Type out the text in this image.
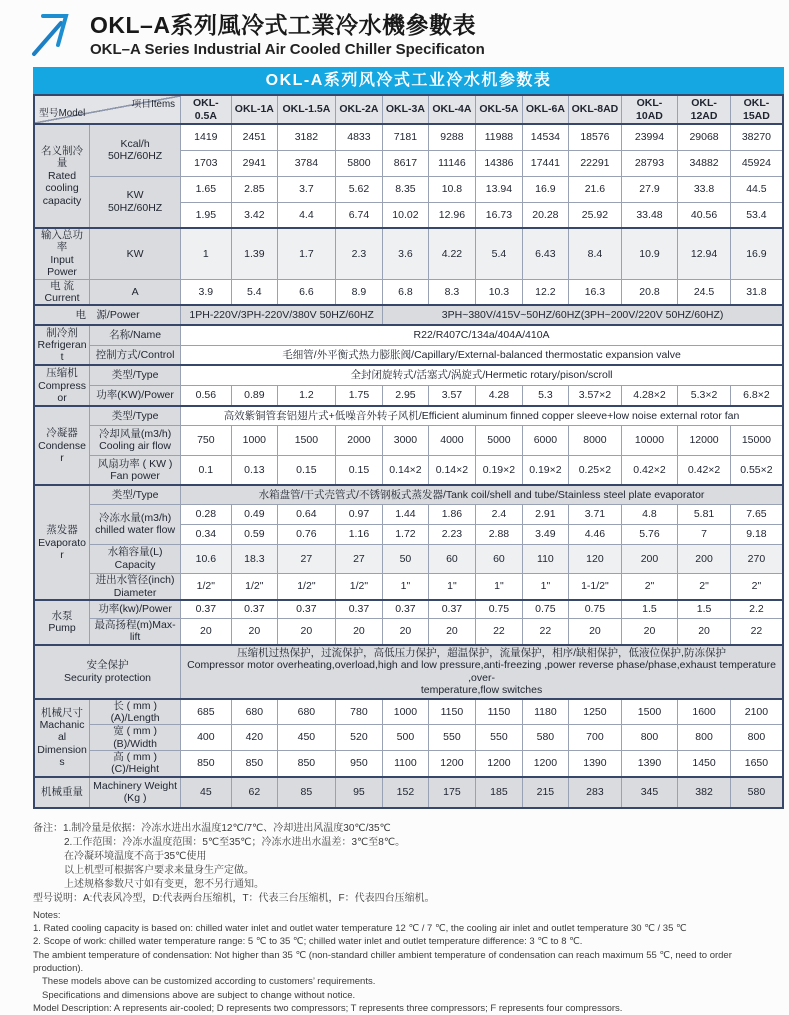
OKL–A系列風冷式工業冷水機參數表
OKL–A Series Industrial Air Cooled Chiller Specificaton
OKL-A系列风冷式工业冷水机参数表
型号Model
项目Items		OKL-0.5A	OKL-1A	OKL-1.5A	OKL-2A	OKL-3A	OKL-4A	OKL-5A	OKL-6A	OKL-8AD	OKL-10AD	OKL-12AD	OKL-15AD
名义制冷量
Rated
cooling
capacity	Kcal/h
50HZ/60HZ	1419	2451	3182	4833	7181	9288	11988	14534	18576	23994	29068	38270
		1703	2941	3784	5800	8617	11146	14386	17441	22291	28793	34882	45924
	KW
50HZ/60HZ	1.65	2.85	3.7	5.62	8.35	10.8	13.94	16.9	21.6	27.9	33.8	44.5
		1.95	3.42	4.4	6.74	10.02	12.96	16.73	20.28	25.92	33.48	40.56	53.4
输入总功率
Input Power	KW	1	1.39	1.7	2.3	3.6	4.22	5.4	6.43	8.4	10.9	12.94	16.9
电 流
Current	A	3.9	5.4	6.6	8.9	6.8	8.3	10.3	12.2	16.3	20.8	24.5	31.8
电　源/Power		1PH-220V/3PH-220V/380V 50HZ/60HZ				3PH~380V/415V~50HZ/60HZ(3PH~200V/220V 50HZ/60HZ)							
制冷剂
Refrigerant	名称/Name	R22/R407C/134a/404A/410A											
	控制方式/Control	毛细管/外平衡式热力膨胀阀/Capillary/External-balanced thermostatic expansion valve											
压缩机
Compressor	类型/Type	全封闭旋转式/活塞式/涡旋式/Hermetic rotary/pison/scroll											
	功率(KW)/Power	0.56	0.89	1.2	1.75	2.95	3.57	4.28	5.3	3.57×2	4.28×2	5.3×2	6.8×2
冷凝器
Condenser	类型/Type	高效紫铜管套铝翅片式+低噪音外转子风机/Efficient aluminum finned copper sleeve+low noise external rotor fan											
	冷却风量(m3/h)
Cooling air flow	750	1000	1500	2000	3000	4000	5000	6000	8000	10000	12000	15000
	风扇功率 ( KW )
Fan power	0.1	0.13	0.15	0.15	0.14×2	0.14×2	0.19×2	0.19×2	0.25×2	0.42×2	0.42×2	0.55×2
蒸发器
Evaporator	类型/Type	水箱盘管/干式壳管式/不锈钢板式蒸发器/Tank coil/shell and tube/Stainless steel plate evaporator											
	冷冻水量(m3/h)
chilled water flow	0.28	0.49	0.64	0.97	1.44	1.86	2.4	2.91	3.71	4.8	5.81	7.65
		0.34	0.59	0.76	1.16	1.72	2.23	2.88	3.49	4.46	5.76	7	9.18
	水箱容量(L)
Capacity	10.6	18.3	27	27	50	60	60	110	120	200	200	270
	进出水管径(inch)
Diameter	1/2"	1/2"	1/2"	1/2"	1"	1"	1"	1"	1-1/2"	2"	2"	2"
水泵
Pump	功率(kw)/Power	0.37	0.37	0.37	0.37	0.37	0.37	0.75	0.75	0.75	1.5	1.5	2.2
	最高扬程(m)Max-lift	20	20	20	20	20	20	22	22	20	20	20	22
安全保护
Security protection		压缩机过热保护，过流保护，高低压力保护，超温保护，流量保护，相序/缺相保护，低液位保护,防冻保护
Compressor motor overheating,overload,high and low pressure,anti-freezing ,power reverse phase/phase,exhaust temperature ,over-
temperature,flow switches											
机械尺寸
Machanical
Dimensions	长 ( mm ) (A)/Length	685	680	680	780	1000	1150	1150	1180	1250	1500	1600	2100
	宽 ( mm ) (B)/Width	400	420	450	520	500	550	550	580	700	800	800	800
	高 ( mm ) (C)/Height	850	850	850	950	1100	1200	1200	1200	1390	1390	1450	1650
机械重量	Machinery Weight
(Kg )	45	62	85	95	152	175	185	215	283	345	382	580
备注：1.制冷量是依据：冷冻水进出水温度12℃/7℃、冷却进出风温度30℃/35℃
2.工作范围：冷冻水温度范围：5℃至35℃；冷冻水进出水温差：3℃至8℃。
在冷凝环境温度不高于35℃使用
以上机型可根据客户要求来量身生产定做。
上述规格参数尺寸如有变更，恕不另行通知。
型号说明：A:代表风冷型，D:代表两台压缩机，T：代表三台压缩机，F：代表四台压缩机。
Notes:
1. Rated cooling capacity is based on: chilled water inlet and outlet water temperature 12 ℃ / 7 ℃, the cooling air inlet and outlet temperature 30 ℃ / 35 ℃
2. Scope of work: chilled water temperature range: 5 ℃ to 35 ℃; chilled water inlet and outlet temperature difference: 3 ℃ to 8 ℃.
The ambient temperature of condensation: Not higher than 35 ℃ (non-standard chiller ambient temperature of condensation can reach maximum 55 ℃, need to order production).
These models above can be customized according to customers’ requirements.
Specifications and dimensions above are subject to change without notice.
Model Description: A represents air-cooled; D represents two compressors; T represents three compressors; F represents four compressors.
